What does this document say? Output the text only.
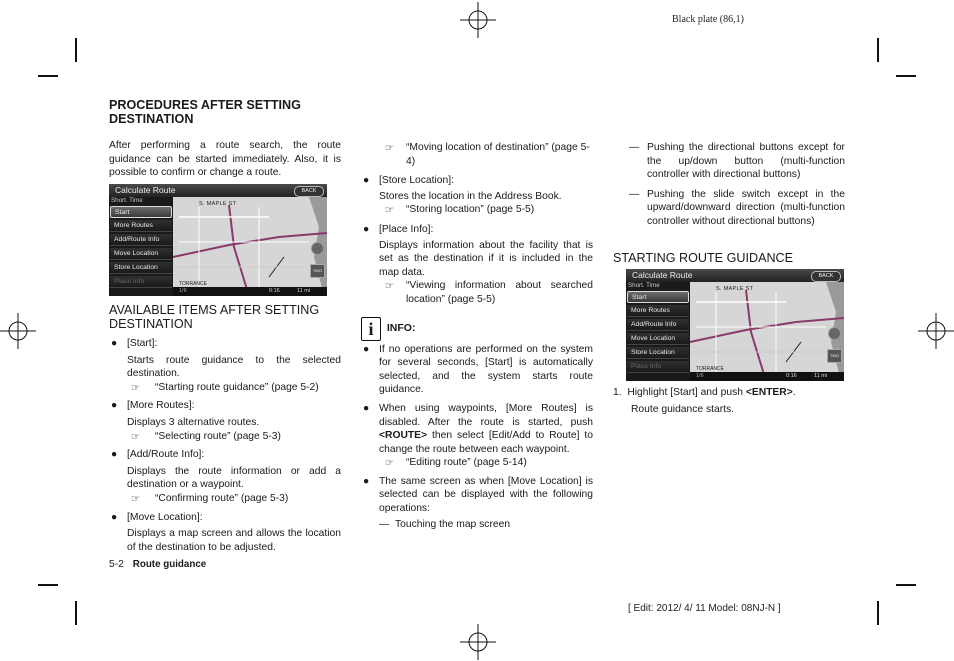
Black plate (86,1)
[ Edit: 2012/ 4/ 11 Model: 08NJ-N ]
5-2 Route guidance

PROCEDURES AFTER SETTING DESTINATION

After performing a route search, the route guidance can be started immediately. Also, it is possible to confirm or change a route.

S. MAPLE ST
TORRANCE
Calculate Route	BACK
Short. Time
Start
More Routes
Add/Route Info
Move Location
Store Location
Place Info
TWO
1/6	0:16	11 mi

AVAILABLE ITEMS AFTER SETTING DESTINATION

● [Start]:

Starts route guidance to the selected destination.

☞ “Starting route guidance” (page 5-2)
● [More Routes]:

Displays 3 alternative routes.

☞ “Selecting route” (page 5-3)
● [Add/Route Info]:

Displays the route information or add a destination or a waypoint.

☞ “Confirming route” (page 5-3)
● [Move Location]:

Displays a map screen and allows the location of the destination to be adjusted.

☞ “Moving location of destination” (page 5-4)
● [Store Location]:

Stores the location in the Address Book.

☞ “Storing location” (page 5-5)
● [Place Info]:

Displays information about the facility that is set as the destination if it is included in the map data.

☞ “Viewing information about searched location” (page 5-5)
i INFO:
● If no operations are performed on the system for several seconds, [Start] is automatically selected, and the system starts route guidance.

● When using waypoints, [More Routes] is disabled. After the route is started, push <ROUTE> then select [Edit/Add to Route] to change the route between each waypoint.

☞ “Editing route” (page 5-14)
● The same screen as when [Move Location] is selected can be displayed with the following operations:

— Touching the map screen
— Pushing the directional buttons except for the up/down button (multi-function controller with directional buttons)
— Pushing the slide switch except in the upward/downward direction (multi-function controller without directional buttons)

STARTING ROUTE GUIDANCE

S. MAPLE ST
TORRANCE
Calculate Route	BACK
Short. Time
Start
More Routes
Add/Route Info
Move Location
Store Location
Place Info
TWO
1/6	0:16	11 mi

1. Highlight [Start] and push <ENTER>.

Route guidance starts.
